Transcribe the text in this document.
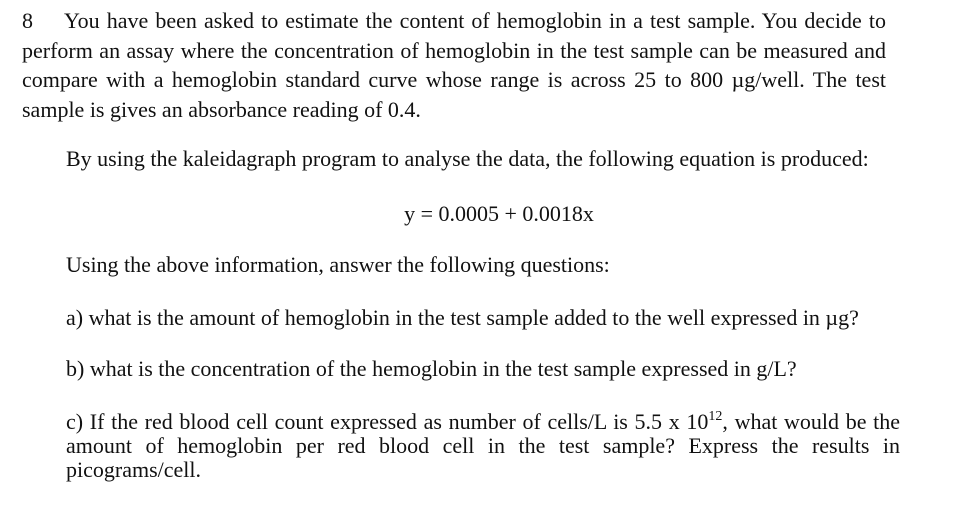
8 You have been asked to estimate the content of hemoglobin in a test sample. You decide to perform an assay where the concentration of hemoglobin in the test sample can be measured and compare with a hemoglobin standard curve whose range is across 25 to 800 µg/well. The test sample is gives an absorbance reading of 0.4.

By using the kaleidagraph program to analyse the data, the following equation is produced:

y = 0.0005 + 0.0018x

Using the above information, answer the following questions:

a) what is the amount of hemoglobin in the test sample added to the well expressed in µg?

b) what is the concentration of the hemoglobin in the test sample expressed in g/L?

c) If the red blood cell count expressed as number of cells/L is 5.5 x $10^{12}$, what would be the amount of hemoglobin per red blood cell in the test sample? Express the results in picograms/cell.
